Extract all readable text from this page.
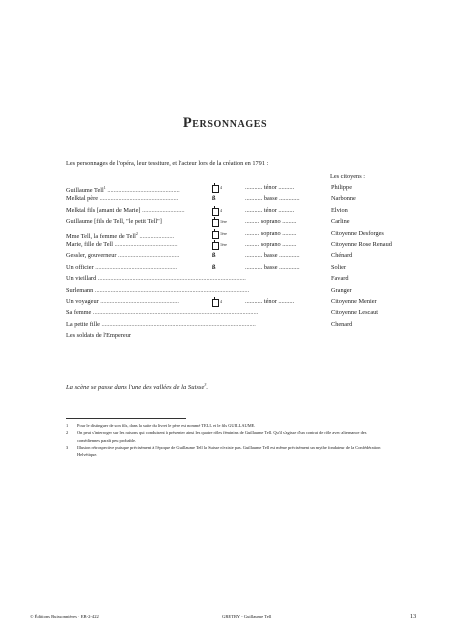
Personnages
Les personnages de l'opéra, leur tessiture, et l'acteur lors de la création en 1791 :
Les citoyens :
Guillaume Tell$^1$ ..............................................	$^4$	........... ténor ..........	Philippe
Melktal père ..................................................	ß	........... basse .............	Narbonne
Melktal fils [amant de Marie] ...........................	$^4$	........... ténor ..........	Elvion
Guillaume [fils de Tell, "le petit Tell"]	$^{1ère}$	......... soprano .........	Carline
Mme Tell, la femme de Tell$^2$ ......................	$^{1ère}$	......... soprano .........	Citoyenne Desforges
Marie, fille de Tell ........................................	$^{1ère}$	......... soprano .........	Citoyenne Rose Renaud
Gessler, gouverneur .......................................	ß	........... basse .............	Chénard
Un officier ....................................................	ß	........... basse .............	Solier
Un vieillard ..............................................................................................	Favard
Surlemann ..................................................................................................	Granger
Un voyageur ..................................................	$^4$	........... ténor ..........	Citoyenne Menier
Sa femme .........................................................................................................	Citoyenne Lescaut
La petite fille ..................................................................................................	Chenard
Les soldats de l'Empereur
La scène se passe dans l'une des vallées de la Suisse$^3$.
1 Pour le distinguer de son fils, dans la suite du livret le père est nommé TELL et le fils GUILLAUME.
2 On peut s'interroger sur les raisons qui conduisent à présenter ainsi les quatre rôles féminins de Guillaume Tell. Qu'il s'agisse d'un contrat de rôle avec alternance des comédiennes paraît peu probable.
3 Illusion rétrospective puisque précisément à l'époque de Guillaume Tell la Suisse n'existe pas. Guillaume Tell est même précisément un mythe fondateur de la Confédération Helvétique.
© Éditions Buissonnières · EB-2-422	GRETRY - Guillaume Tell	13
